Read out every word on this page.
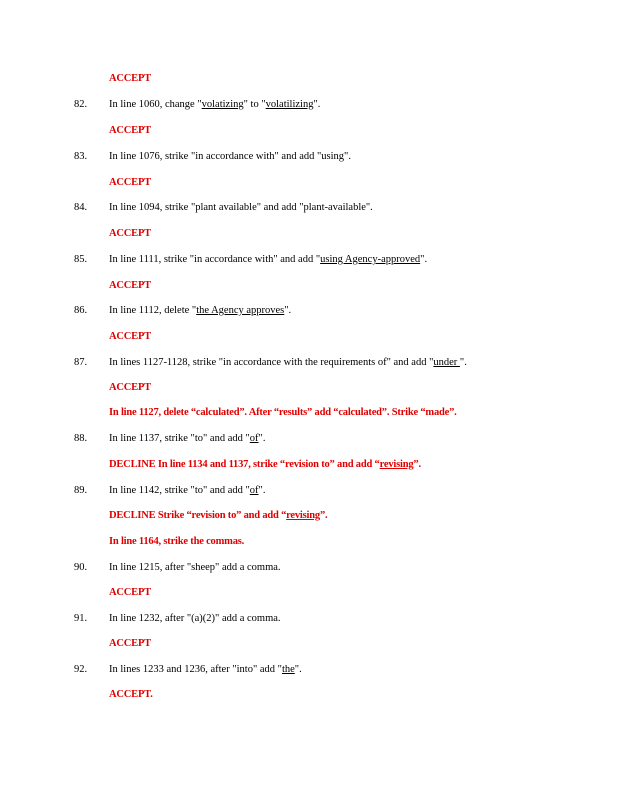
ACCEPT
82. In line 1060, change "volatizing" to "volatilizing".
ACCEPT
83. In line 1076, strike "in accordance with" and add "using".
ACCEPT
84. In line 1094, strike "plant available" and add "plant-available".
ACCEPT
85. In line 1111, strike "in accordance with" and add "using Agency-approved".
ACCEPT
86. In line 1112, delete "the Agency approves".
ACCEPT
87. In lines 1127-1128, strike "in accordance with the requirements of" and add "under ".
ACCEPT
In line 1127, delete “calculated”. After “results” add “calculated”. Strike “made”.
88. In line 1137, strike "to" and add "of".
DECLINE In line 1134 and 1137, strike “revision to” and add “revising”.
89. In line 1142, strike "to" and add "of".
DECLINE Strike “revision to” and add “revising”.
In line 1164, strike the commas.
90. In line 1215, after "sheep" add a comma.
ACCEPT
91. In line 1232, after "(a)(2)" add a comma.
ACCEPT
92. In lines 1233 and 1236, after "into" add "the".
ACCEPT.
